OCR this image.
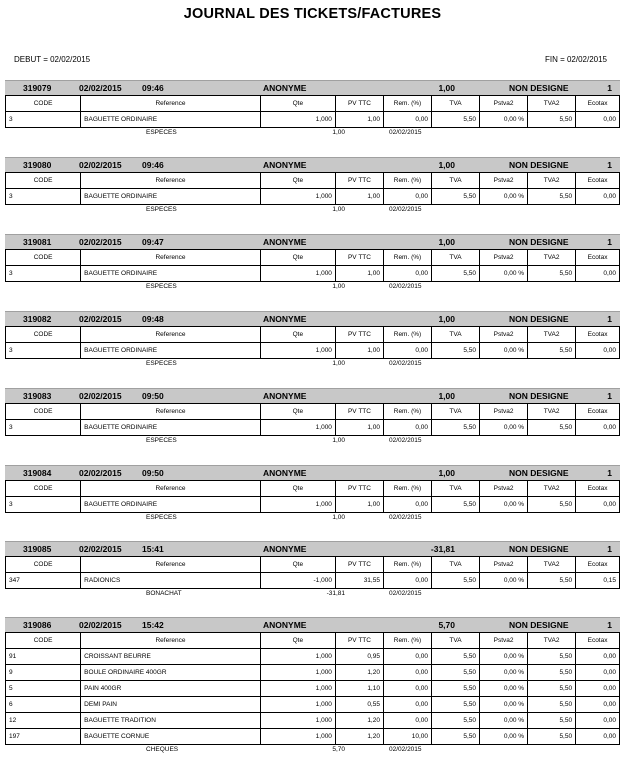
JOURNAL DES TICKETS/FACTURES
DEBUT = 02/02/2015	FIN = 02/02/2015
319079	02/02/2015 09:46	ANONYME	1,00	NON DESIGNE	1
CODE	Reference	Qte	PV TTC	Rem. (%)	TVA	Pstva2	TVA2	Ecotax
3	BAGUETTE ORDINAIRE	1,000	1,00	0,00	5,50	0,00 %	5,50	0,00
ESPECES	1,00	02/02/2015
319080	02/02/2015 09:46	ANONYME	1,00	NON DESIGNE	1
CODE	Reference	Qte	PV TTC	Rem. (%)	TVA	Pstva2	TVA2	Ecotax
3	BAGUETTE ORDINAIRE	1,000	1,00	0,00	5,50	0,00 %	5,50	0,00
ESPECES	1,00	02/02/2015
319081	02/02/2015 09:47	ANONYME	1,00	NON DESIGNE	1
CODE	Reference	Qte	PV TTC	Rem. (%)	TVA	Pstva2	TVA2	Ecotax
3	BAGUETTE ORDINAIRE	1,000	1,00	0,00	5,50	0,00 %	5,50	0,00
ESPECES	1,00	02/02/2015
319082	02/02/2015 09:48	ANONYME	1,00	NON DESIGNE	1
CODE	Reference	Qte	PV TTC	Rem. (%)	TVA	Pstva2	TVA2	Ecotax
3	BAGUETTE ORDINAIRE	1,000	1,00	0,00	5,50	0,00 %	5,50	0,00
ESPECES	1,00	02/02/2015
319083	02/02/2015 09:50	ANONYME	1,00	NON DESIGNE	1
CODE	Reference	Qte	PV TTC	Rem. (%)	TVA	Pstva2	TVA2	Ecotax
3	BAGUETTE ORDINAIRE	1,000	1,00	0,00	5,50	0,00 %	5,50	0,00
ESPECES	1,00	02/02/2015
319084	02/02/2015 09:50	ANONYME	1,00	NON DESIGNE	1
CODE	Reference	Qte	PV TTC	Rem. (%)	TVA	Pstva2	TVA2	Ecotax
3	BAGUETTE ORDINAIRE	1,000	1,00	0,00	5,50	0,00 %	5,50	0,00
ESPECES	1,00	02/02/2015
319085	02/02/2015 15:41	ANONYME	-31,81	NON DESIGNE	1
CODE	Reference	Qte	PV TTC	Rem. (%)	TVA	Pstva2	TVA2	Ecotax
347	RADIONICS	-1,000	31,55	0,00	5,50	0,00 %	5,50	0,15
BONACHAT	-31,81	02/02/2015
319086	02/02/2015 15:42	ANONYME	5,70	NON DESIGNE	1
CODE	Reference	Qte	PV TTC	Rem. (%)	TVA	Pstva2	TVA2	Ecotax
91	CROISSANT BEURRE	1,000	0,95	0,00	5,50	0,00 %	5,50	0,00
9	BOULE ORDINAIRE 400GR	1,000	1,20	0,00	5,50	0,00 %	5,50	0,00
5	PAIN 400GR	1,000	1,10	0,00	5,50	0,00 %	5,50	0,00
6	DEMI PAIN	1,000	0,55	0,00	5,50	0,00 %	5,50	0,00
12	BAGUETTE TRADITION	1,000	1,20	0,00	5,50	0,00 %	5,50	0,00
197	BAGUETTE CORNUE	1,000	1,20	10,00	5,50	0,00 %	5,50	0,00
CHEQUES	5,70	02/02/2015
